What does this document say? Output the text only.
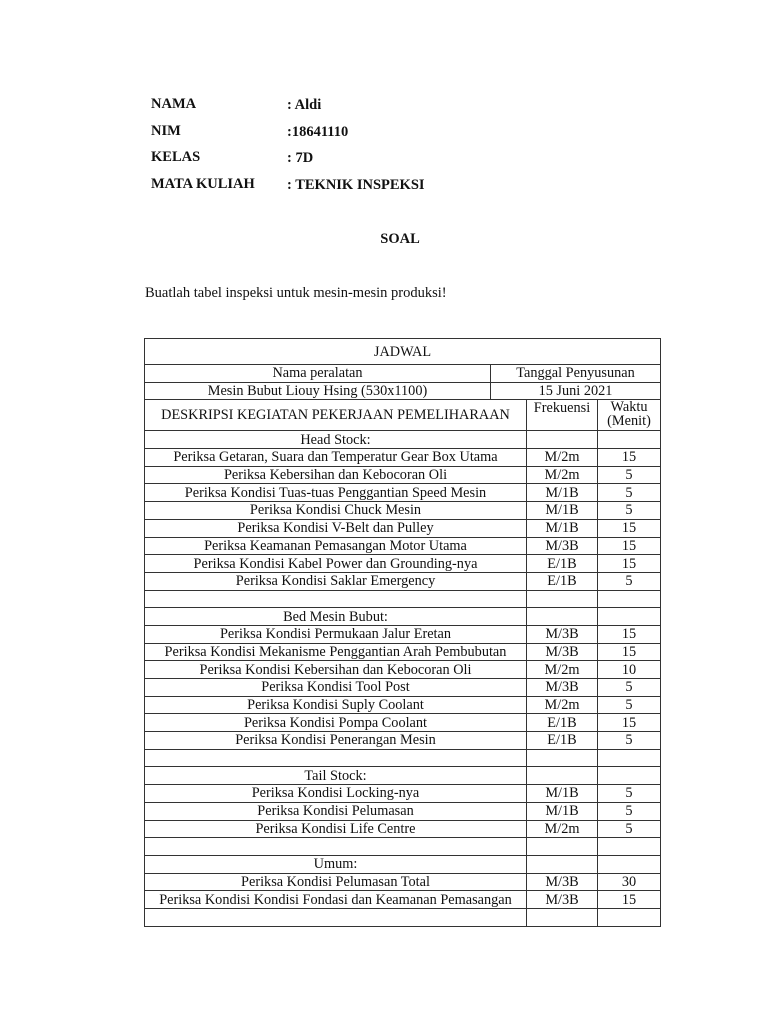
NAMA	: Aldi
NIM	:18641110
KELAS	: 7D
MATA KULIAH : TEKNIK INSPEKSI
SOAL
Buatlah tabel inspeksi untuk mesin-mesin produksi!
JADWAL			
Nama peralatan	Tanggal Penyusunan		
Mesin Bubut Liouy Hsing (530x1100)	15 Juni 2021		
DESKRIPSI KEGIATAN PEKERJAAN PEMELIHARAAN		Frekuensi	Waktu (Menit)
Head Stock:			
Periksa Getaran, Suara dan Temperatur Gear Box Utama		M/2m	15
Periksa Kebersihan dan Kebocoran Oli		M/2m	5
Periksa Kondisi Tuas-tuas Penggantian Speed Mesin		M/1B	5
Periksa Kondisi Chuck Mesin		M/1B	5
Periksa Kondisi V-Belt dan Pulley		M/1B	15
Periksa Keamanan Pemasangan Motor Utama		M/3B	15
Periksa Kondisi Kabel Power dan Grounding-nya		E/1B	15
Periksa Kondisi Saklar Emergency		E/1B	5

Bed Mesin Bubut:			
Periksa Kondisi Permukaan Jalur Eretan		M/3B	15
Periksa Kondisi Mekanisme Penggantian Arah Pembubutan		M/3B	15
Periksa Kondisi Kebersihan dan Kebocoran Oli		M/2m	10
Periksa Kondisi Tool Post		M/3B	5
Periksa Kondisi Suply Coolant		M/2m	5
Periksa Kondisi Pompa Coolant		E/1B	15
Periksa Kondisi Penerangan Mesin		E/1B	5

Tail Stock:			
Periksa Kondisi Locking-nya		M/1B	5
Periksa Kondisi Pelumasan		M/1B	5
Periksa Kondisi Life Centre		M/2m	5

Umum:			
Periksa Kondisi Pelumasan Total		M/3B	30
Periksa Kondisi Kondisi Fondasi dan Keamanan Pemasangan		M/3B	15
